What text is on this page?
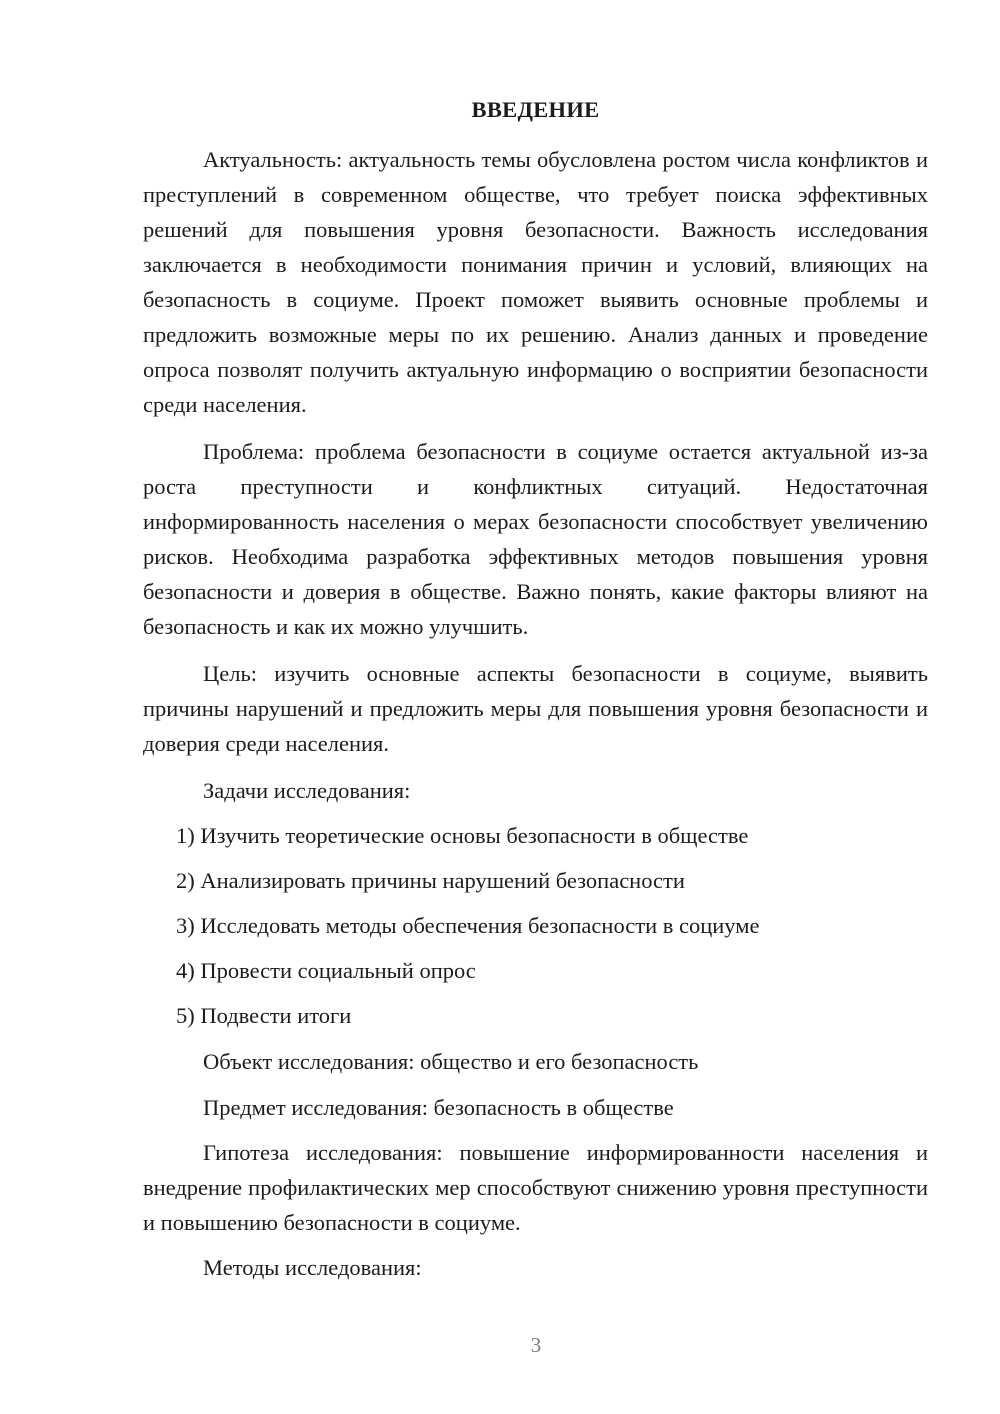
ВВЕДЕНИЕ

Актуальность: актуальность темы обусловлена ростом числа конфликтов и преступлений в современном обществе, что требует поиска эффективных решений для повышения уровня безопасности. Важность исследования заключается в необходимости понимания причин и условий, влияющих на безопасность в социуме. Проект поможет выявить основные проблемы и предложить возможные меры по их решению. Анализ данных и проведение опроса позволят получить актуальную информацию о восприятии безопасности среди населения.

Проблема: проблема безопасности в социуме остается актуальной из-за роста преступности и конфликтных ситуаций. Недостаточная информированность населения о мерах безопасности способствует увеличению рисков. Необходима разработка эффективных методов повышения уровня безопасности и доверия в обществе. Важно понять, какие факторы влияют на безопасность и как их можно улучшить.

Цель: изучить основные аспекты безопасности в социуме, выявить причины нарушений и предложить меры для повышения уровня безопасности и доверия среди населения.

Задачи исследования:
1) Изучить теоретические основы безопасности в обществе
2) Анализировать причины нарушений безопасности
3) Исследовать методы обеспечения безопасности в социуме
4) Провести социальный опрос
5) Подвести итоги
Объект исследования: общество и его безопасность
Предмет исследования: безопасность в обществе

Гипотеза исследования: повышение информированности населения и внедрение профилактических мер способствуют снижению уровня преступности и повышению безопасности в социуме.

Методы исследования:
3
